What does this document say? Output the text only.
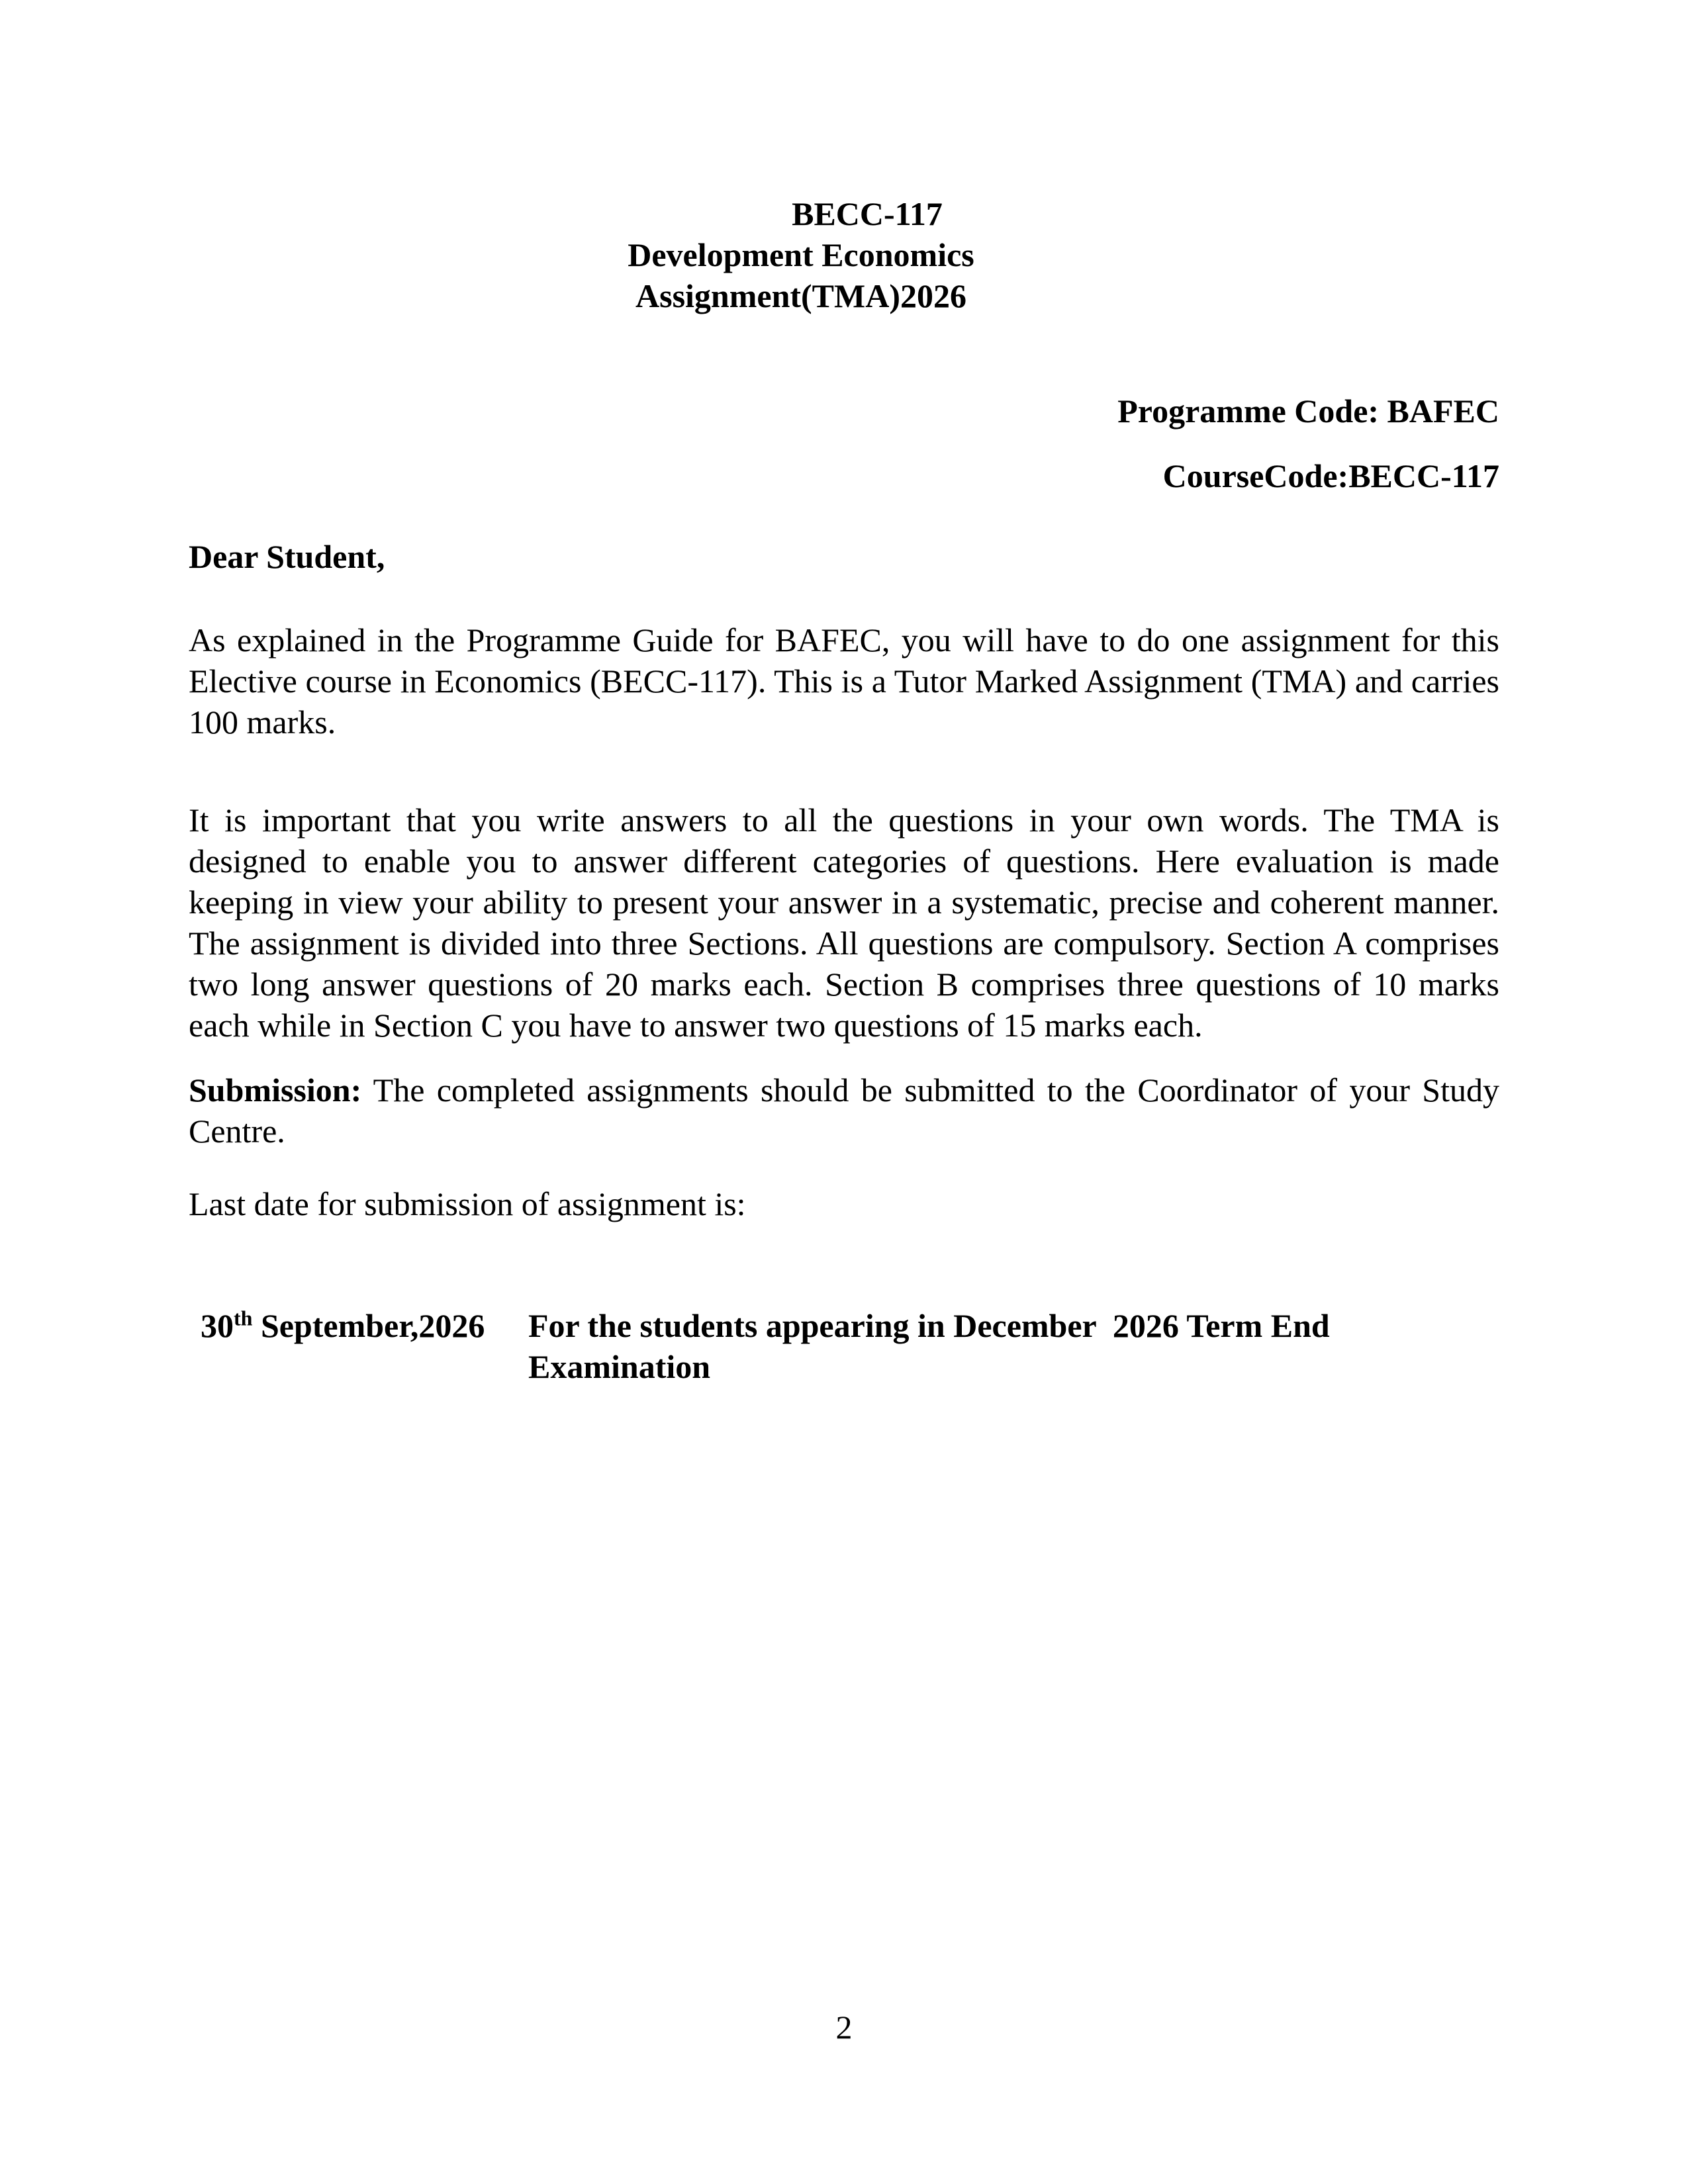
BECC-117
Development Economics
Assignment(TMA)2026
Programme Code: BAFEC
CourseCode:BECC-117

Dear Student,

As explained in the Programme Guide for BAFEC, you will have to do one assignment for this Elective course in Economics (BECC-117). This is a Tutor Marked Assignment (TMA) and carries 100 marks.

It is important that you write answers to all the questions in your own words. The TMA is designed to enable you to answer different categories of questions. Here evaluation is made keeping in view your ability to present your answer in a systematic, precise and coherent manner. The assignment is divided into three Sections. All questions are compulsory. Section A comprises two long answer questions of 20 marks each. Section B comprises three questions of 10 marks each while in Section C you have to answer two questions of 15 marks each.

Submission: The completed assignments should be submitted to the Coordinator of your Study Centre.

Last date for submission of assignment is:

30th September,2026	For the students appearing in December  2026 Term End
Examination
2
